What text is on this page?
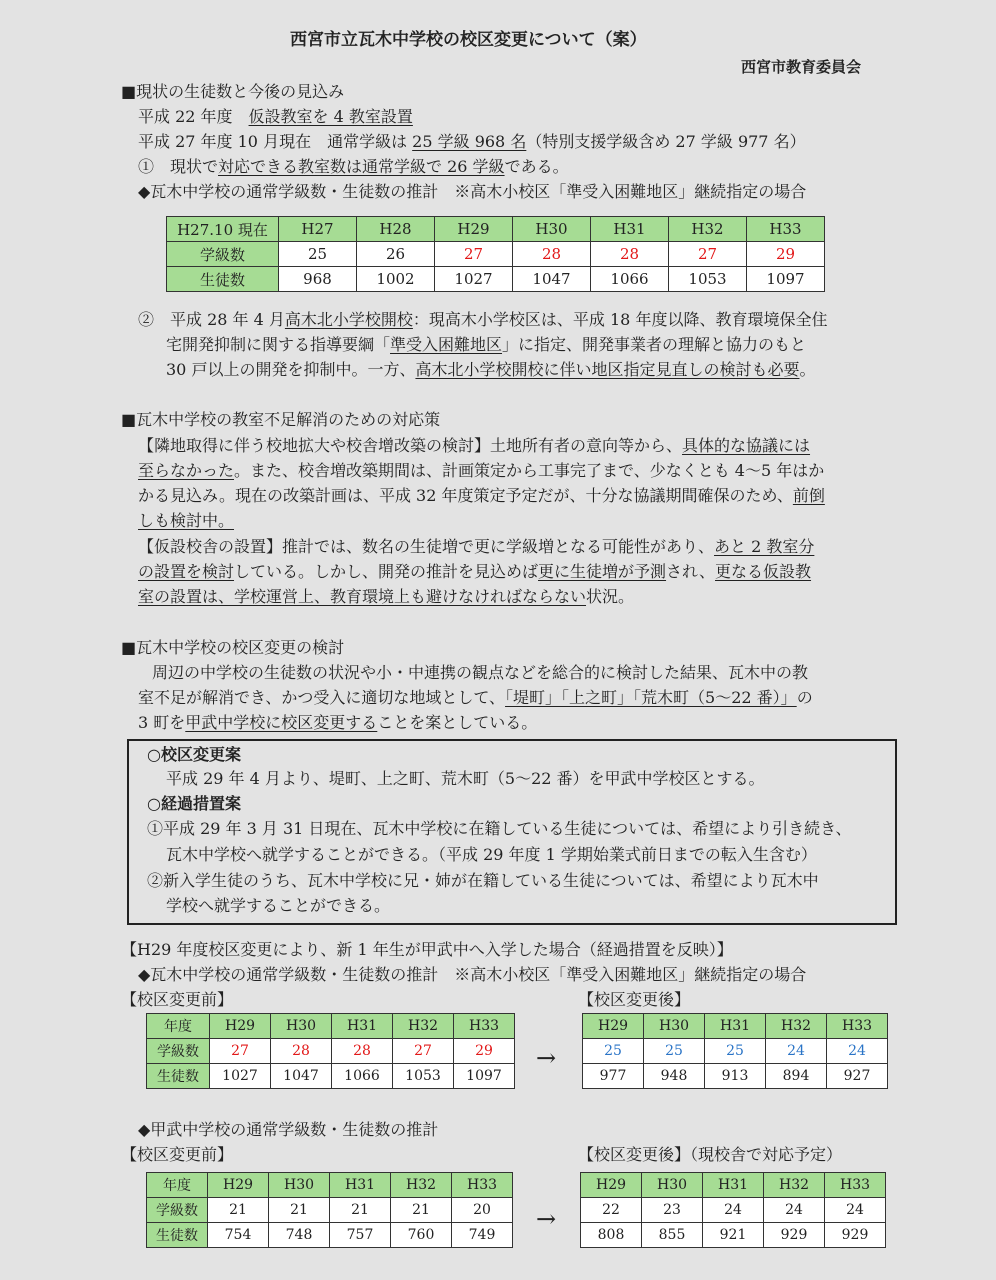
西宮市立瓦木中学校の校区変更について（案）
西宮市教育委員会
■現状の生徒数と今後の見込み
平成 22 年度　仮設教室を 4 教室設置
平成 27 年度 10 月現在　通常学級は 25 学級 968 名（特別支援学級含め 27 学級 977 名）
①　現状で対応できる教室数は通常学級で 26 学級である。
◆瓦木中学校の通常学級数・生徒数の推計　※高木小校区「準受入困難地区」継続指定の場合
H27.10 現在	H27	H28	H29	H30	H31	H32	H33
学級数	25	26	27	28	28	27	29
生徒数	968	1002	1027	1047	1066	1053	1097
②　平成 28 年 4 月高木北小学校開校：現高木小学校区は、平成 18 年度以降、教育環境保全住
宅開発抑制に関する指導要綱「準受入困難地区」に指定、開発事業者の理解と協力のもと
30 戸以上の開発を抑制中。一方、高木北小学校開校に伴い地区指定見直しの検討も必要。
■瓦木中学校の教室不足解消のための対応策
【隣地取得に伴う校地拡大や校舎增改築の検討】土地所有者の意向等から、具体的な協議には
至らなかった。また、校舎増改築期間は、計画策定から工事完了まで、少なくとも 4～5 年はか
かる見込み。現在の改築計画は、平成 32 年度策定予定だが、十分な協議期間確保のため、前倒
しも検討中。
【仮設校舎の設置】推計では、数名の生徒増で更に学級増となる可能性があり、あと 2 教室分
の設置を検討している。しかし、開発の推計を見込めば更に生徒増が予測され、更なる仮設教
室の設置は、学校運営上、教育環境上も避けなければならない状況。
■瓦木中学校の校区変更の検討
周辺の中学校の生徒数の状況や小・中連携の観点などを総合的に検討した結果、瓦木中の教
室不足が解消でき、かつ受入に適切な地域として、「堤町」「上之町」「荒木町（5～22 番）」の
3 町を甲武中学校に校区変更することを案としている。
○校区変更案
平成 29 年 4 月より、堤町、上之町、荒木町（5～22 番）を甲武中学校区とする。
○経過措置案
①平成 29 年 3 月 31 日現在、瓦木中学校に在籍している生徒については、希望により引き続き、
瓦木中学校へ就学することができる。（平成 29 年度 1 学期始業式前日までの転入生含む）
②新入学生徒のうち、瓦木中学校に兄・姉が在籍している生徒については、希望により瓦木中
学校へ就学することができる。
【H29 年度校区変更により、新 1 年生が甲武中へ入学した場合（経過措置を反映）】
◆瓦木中学校の通常学級数・生徒数の推計　※高木小校区「準受入困難地区」継続指定の場合
【校区変更前】	【校区変更後】
年度	H29	H30	H31	H32	H33
学級数	27	28	28	27	29
生徒数	1027	1047	1066	1053	1097
→
H29	H30	H31	H32	H33
25	25	25	24	24
977	948	913	894	927
◆甲武中学校の通常学級数・生徒数の推計
【校区変更前】	【校区変更後】（現校舎で対応予定）
年度	H29	H30	H31	H32	H33
学級数	21	21	21	21	20
生徒数	754	748	757	760	749
→
H29	H30	H31	H32	H33
22	23	24	24	24
808	855	921	929	929
